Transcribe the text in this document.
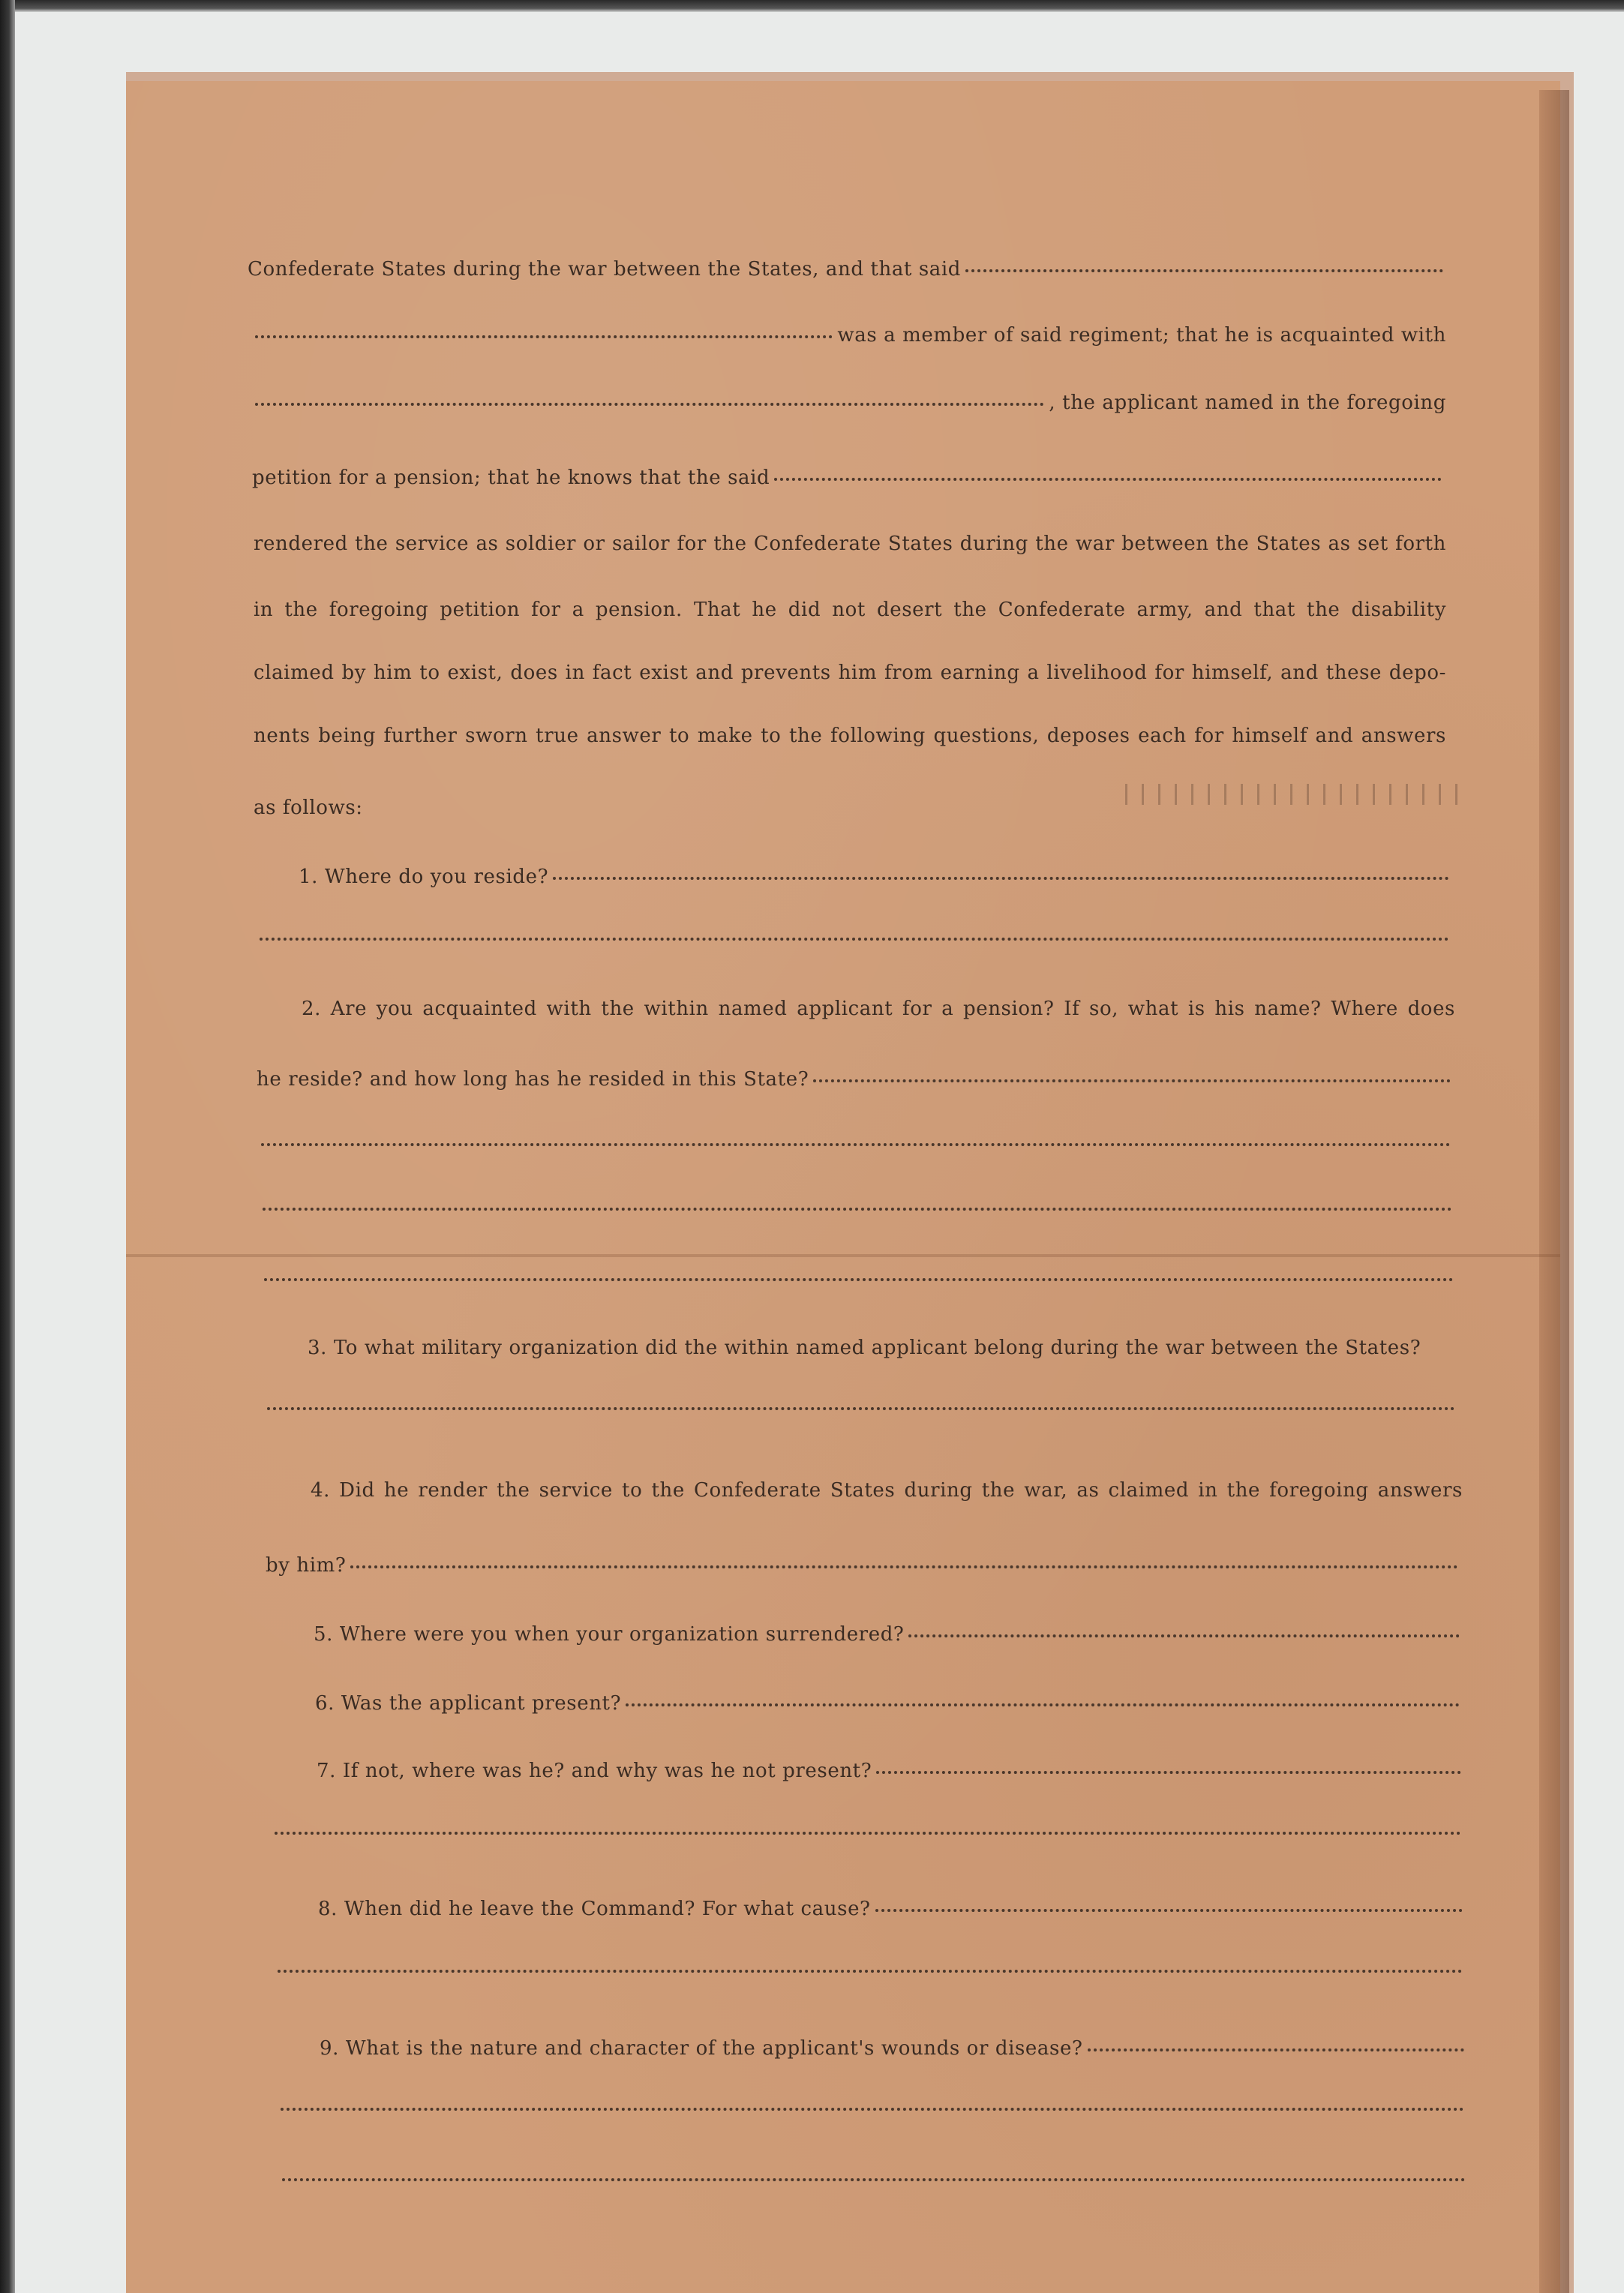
Confederate States during the war between the States, and that said
was a member of said regiment; that he is acquainted with
, the applicant named in the foregoing
petition for a pension; that he knows that the said
rendered the service as soldier or sailor for the Confederate States during the war between the States as set forth
in the foregoing petition for a pension. That he did not desert the Confederate army, and that the disability
claimed by him to exist, does in fact exist and prevents him from earning a livelihood for himself, and these depo-
nents being further sworn true answer to make to the following questions, deposes each for himself and answers
as follows:
1. Where do you reside?
2. Are you acquainted with the within named applicant for a pension? If so, what is his name? Where does
he reside? and how long has he resided in this State?
3. To what military organization did the within named applicant belong during the war between the States?
4. Did he render the service to the Confederate States during the war, as claimed in the foregoing answers
by him?
5. Where were you when your organization surrendered?
6. Was the applicant present?
7. If not, where was he? and why was he not present?
8. When did he leave the Command? For what cause?
9. What is the nature and character of the applicant's wounds or disease?
